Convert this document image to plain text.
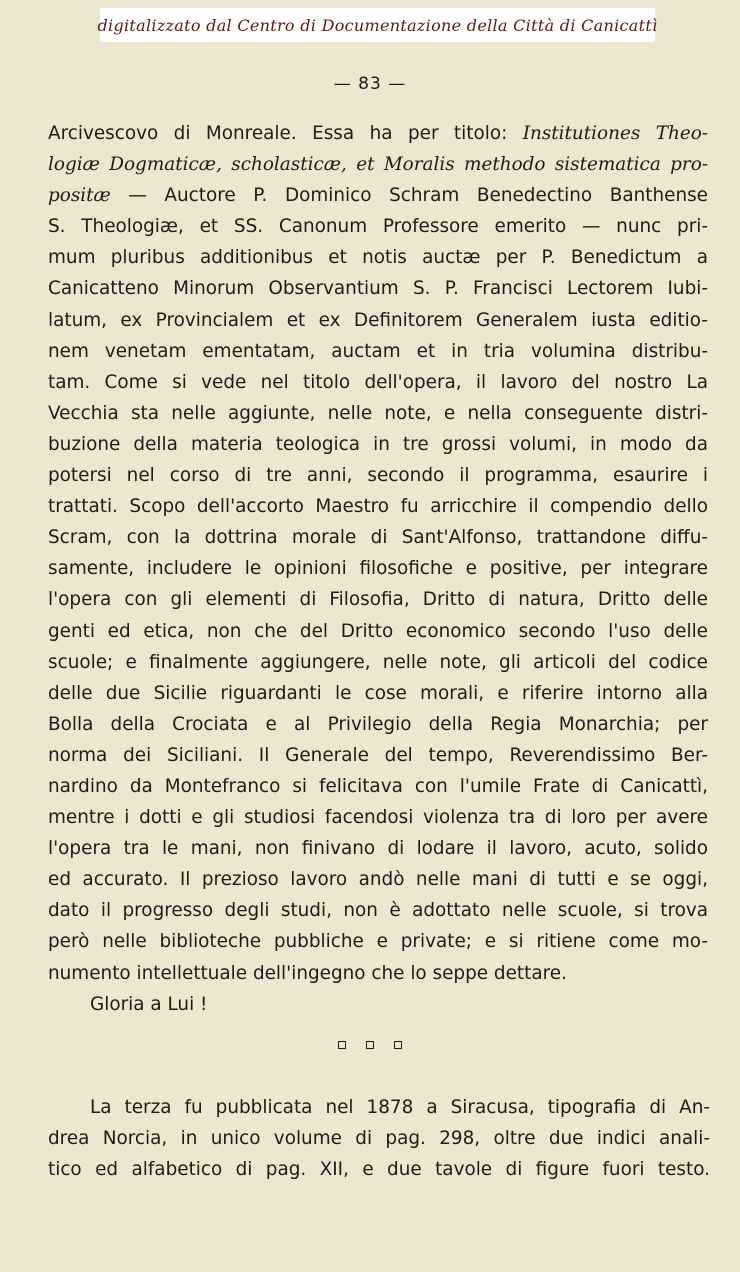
digitalizzato dal Centro di Documentazione della Città di Canicattì
— 83 —
Arcivescovo di Monreale. Essa ha per titolo: Institutiones Theo-
logiæ Dogmaticæ, scholasticæ, et Moralis methodo sistematica pro-
positæ — Auctore P. Dominico Schram Benedectino Banthense
S. Theologiæ, et SS. Canonum Professore emerito — nunc pri-
mum pluribus additionibus et notis auctæ per P. Benedictum a
Canicatteno Minorum Observantium S. P. Francisci Lectorem Iubi-
latum, ex Provincialem et ex Definitorem Generalem iusta editio-
nem venetam ementatam, auctam et in tria volumina distribu-
tam. Come si vede nel titolo dell'opera, il lavoro del nostro La
Vecchia sta nelle aggiunte, nelle note, e nella conseguente distri-
buzione della materia teologica in tre grossi volumi, in modo da
potersi nel corso di tre anni, secondo il programma, esaurire i
trattati. Scopo dell'accorto Maestro fu arricchire il compendio dello
Scram, con la dottrina morale di Sant'Alfonso, trattandone diffu-
samente, includere le opinioni filosofiche e positive, per integrare
l'opera con gli elementi di Filosofia, Dritto di natura, Dritto delle
genti ed etica, non che del Dritto economico secondo l'uso delle
scuole; e finalmente aggiungere, nelle note, gli articoli del codice
delle due Sicilie riguardanti le cose morali, e riferire intorno alla
Bolla della Crociata e al Privilegio della Regia Monarchia; per
norma dei Siciliani. Il Generale del tempo, Reverendissimo Ber-
nardino da Montefranco si felicitava con l'umile Frate di Canicattì,
mentre i dotti e gli studiosi facendosi violenza tra di loro per avere
l'opera tra le mani, non finivano di lodare il lavoro, acuto, solido
ed accurato. Il prezioso lavoro andò nelle mani di tutti e se oggi,
dato il progresso degli studi, non è adottato nelle scuole, si trova
però nelle biblioteche pubbliche e private; e si ritiene come mo-
numento intellettuale dell'ingegno che lo seppe dettare.
Gloria a Lui !
La terza fu pubblicata nel 1878 a Siracusa, tipografia di An-
drea Norcia, in unico volume di pag. 298, oltre due indici anali-
tico ed alfabetico di pag. XII, e due tavole di figure fuori testo.
